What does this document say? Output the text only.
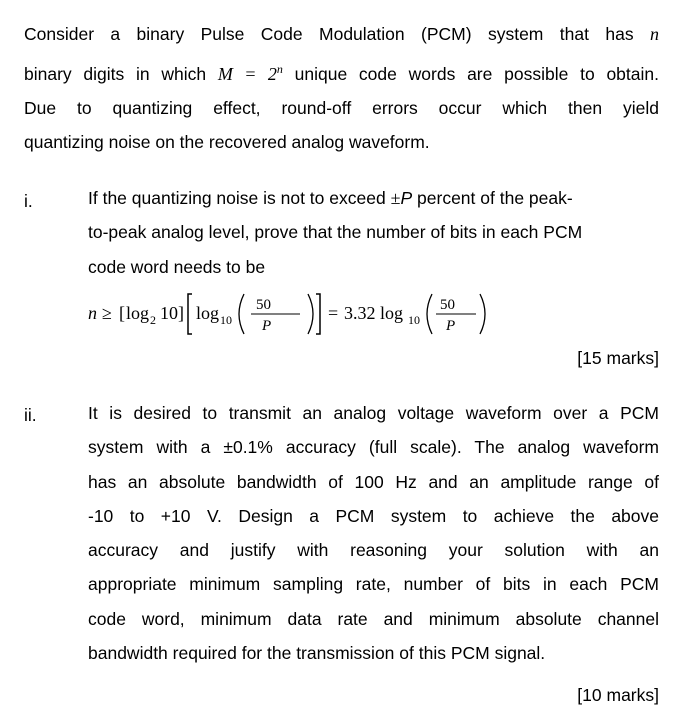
Consider a binary Pulse Code Modulation (PCM) system that has n
binary digits in which $M = 2^n$ unique code words are possible to obtain.
Due to quantizing effect, round-off errors occur which then yield
quantizing noise on the recovered analog waveform.
i.	If the quantizing noise is not to exceed ±P percent of the peak-
to-peak analog level, prove that the number of bits in each PCM
code word needs to be
n ≥ [ log 2 10 ] log 10
50
P
= 3.32 log 10
50
P
[15 marks]
ii.	It is desired to transmit an analog voltage waveform over a PCM
system with a ±0.1% accuracy (full scale). The analog waveform
has an absolute bandwidth of 100 Hz and an amplitude range of
-10 to +10 V. Design a PCM system to achieve the above
accuracy and justify with reasoning your solution with an
appropriate minimum sampling rate, number of bits in each PCM
code word, minimum data rate and minimum absolute channel
bandwidth required for the transmission of this PCM signal.
[10 marks]
